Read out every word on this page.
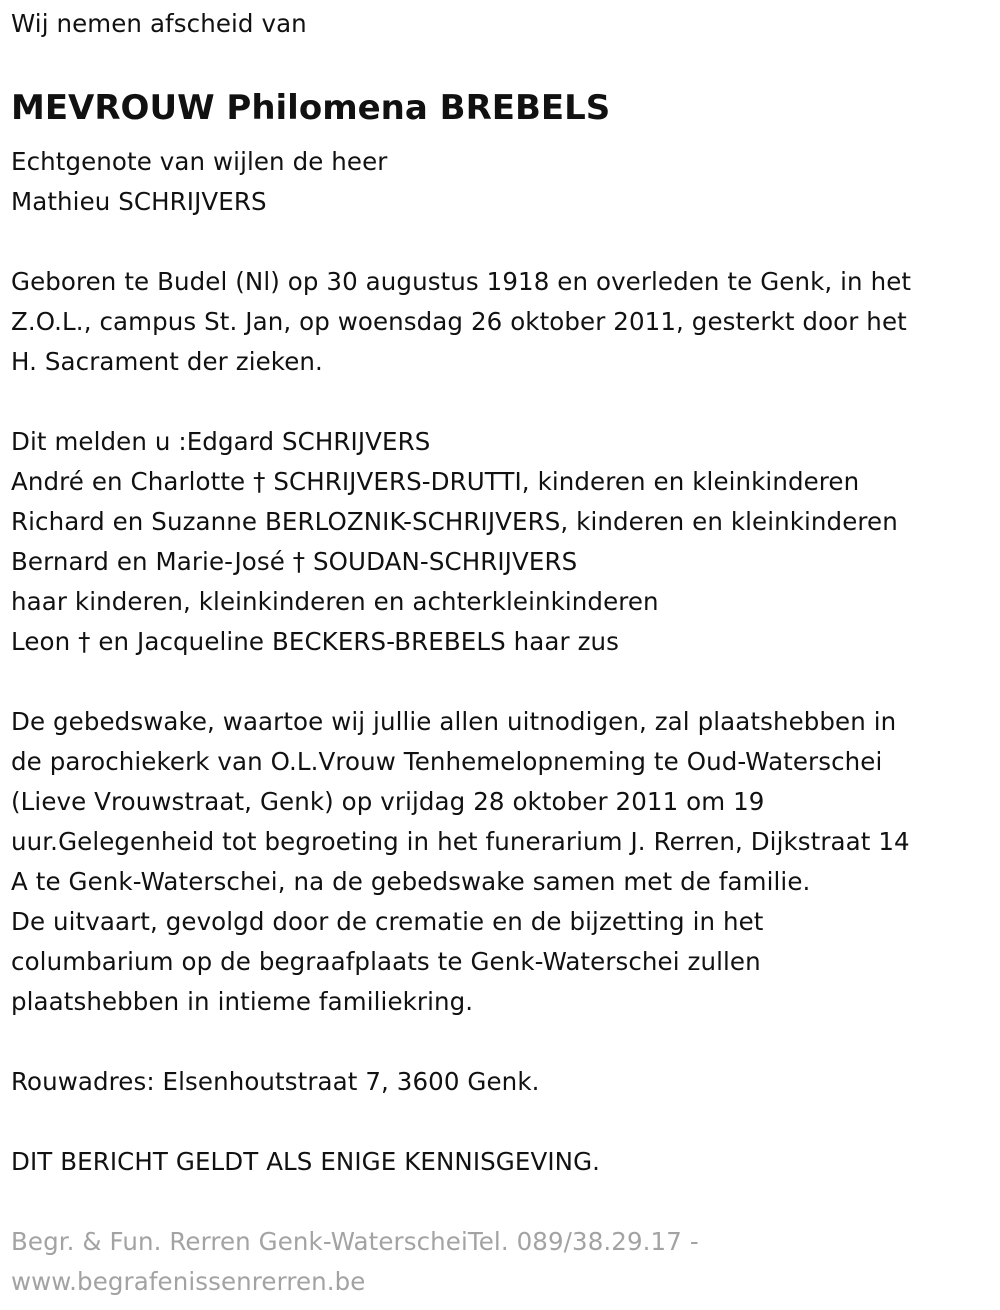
Wij nemen afscheid van
MEVROUW Philomena BREBELS
Echtgenote van wijlen de heer
Mathieu SCHRIJVERS
Geboren te Budel (Nl) op 30 augustus 1918 en overleden te Genk, in het
Z.O.L., campus St. Jan, op woensdag 26 oktober 2011, gesterkt door het
H. Sacrament der zieken.
Dit melden u :Edgard SCHRIJVERS
André en Charlotte † SCHRIJVERS-DRUTTI, kinderen en kleinkinderen
Richard en Suzanne BERLOZNIK-SCHRIJVERS, kinderen en kleinkinderen
Bernard en Marie-José † SOUDAN-SCHRIJVERS
haar kinderen, kleinkinderen en achterkleinkinderen
Leon † en Jacqueline BECKERS-BREBELS haar zus
De gebedswake, waartoe wij jullie allen uitnodigen, zal plaatshebben in
de parochiekerk van O.L.Vrouw Tenhemelopneming te Oud-Waterschei
(Lieve Vrouwstraat, Genk) op vrijdag 28 oktober 2011 om 19
uur.Gelegenheid tot begroeting in het funerarium J. Rerren, Dijkstraat 14
A te Genk-Waterschei, na de gebedswake samen met de familie.
De uitvaart, gevolgd door de crematie en de bijzetting in het
columbarium op de begraafplaats te Genk-Waterschei zullen
plaatshebben in intieme familiekring.
Rouwadres: Elsenhoutstraat 7, 3600 Genk.
DIT BERICHT GELDT ALS ENIGE KENNISGEVING.
Begr. & Fun. Rerren Genk-WaterscheiTel. 089/38.29.17 -
www.begrafenissenrerren.be
